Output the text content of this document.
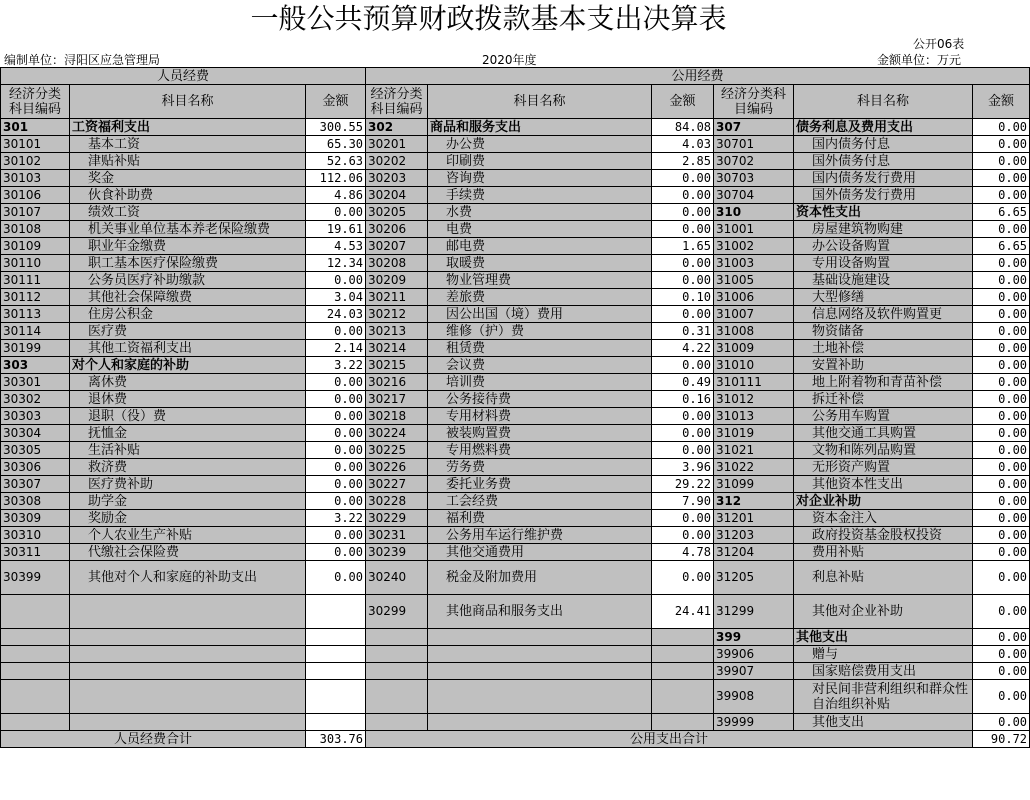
一般公共预算财政拨款基本支出决算表
公开06表
编制单位：浔阳区应急管理局	2020年度	金额单位：万元
人员经费			公用经费					
经济分类科目编码	科目名称	金额	经济分类科目编码	科目名称	金额	经济分类科目编码	科目名称	金额
301	工资福利支出	300.55	302	商品和服务支出	84.08	307	债务利息及费用支出	0.00
30101	基本工资	65.30	30201	办公费	4.03	30701	国内债务付息	0.00
30102	津贴补贴	52.63	30202	印刷费	2.85	30702	国外债务付息	0.00
30103	奖金	112.06	30203	咨询费	0.00	30703	国内债务发行费用	0.00
30106	伙食补助费	4.86	30204	手续费	0.00	30704	国外债务发行费用	0.00
30107	绩效工资	0.00	30205	水费	0.00	310	资本性支出	6.65
30108	机关事业单位基本养老保险缴费	19.61	30206	电费	0.00	31001	房屋建筑物购建	0.00
30109	职业年金缴费	4.53	30207	邮电费	1.65	31002	办公设备购置	6.65
30110	职工基本医疗保险缴费	12.34	30208	取暖费	0.00	31003	专用设备购置	0.00
30111	公务员医疗补助缴款	0.00	30209	物业管理费	0.00	31005	基础设施建设	0.00
30112	其他社会保障缴费	3.04	30211	差旅费	0.10	31006	大型修缮	0.00
30113	住房公积金	24.03	30212	因公出国（境）费用	0.00	31007	信息网络及软件购置更	0.00
30114	医疗费	0.00	30213	维修（护）费	0.31	31008	物资储备	0.00
30199	其他工资福利支出	2.14	30214	租赁费	4.22	31009	土地补偿	0.00
303	对个人和家庭的补助	3.22	30215	会议费	0.00	31010	安置补助	0.00
30301	离休费	0.00	30216	培训费	0.49	310111	地上附着物和青苗补偿	0.00
30302	退休费	0.00	30217	公务接待费	0.16	31012	拆迁补偿	0.00
30303	退职（役）费	0.00	30218	专用材料费	0.00	31013	公务用车购置	0.00
30304	抚恤金	0.00	30224	被装购置费	0.00	31019	其他交通工具购置	0.00
30305	生活补贴	0.00	30225	专用燃料费	0.00	31021	文物和陈列品购置	0.00
30306	救济费	0.00	30226	劳务费	3.96	31022	无形资产购置	0.00
30307	医疗费补助	0.00	30227	委托业务费	29.22	31099	其他资本性支出	0.00
30308	助学金	0.00	30228	工会经费	7.90	312	对企业补助	0.00
30309	奖励金	3.22	30229	福利费	0.00	31201	资本金注入	0.00
30310	个人农业生产补贴	0.00	30231	公务用车运行维护费	0.00	31203	政府投资基金股权投资	0.00
30311	代缴社会保险费	0.00	30239	其他交通费用	4.78	31204	费用补贴	0.00
30399	其他对个人和家庭的补助支出	0.00	30240	税金及附加费用	0.00	31205	利息补贴	0.00
			30299	其他商品和服务支出	24.41	31299	其他对企业补助	0.00
						399	其他支出	0.00
						39906	赠与	0.00
						39907	国家赔偿费用支出	0.00
						39908	对民间非营利组织和群众性自治组织补贴	0.00
						39999	其他支出	0.00
人员经费合计		303.76	公用支出合计					90.72
